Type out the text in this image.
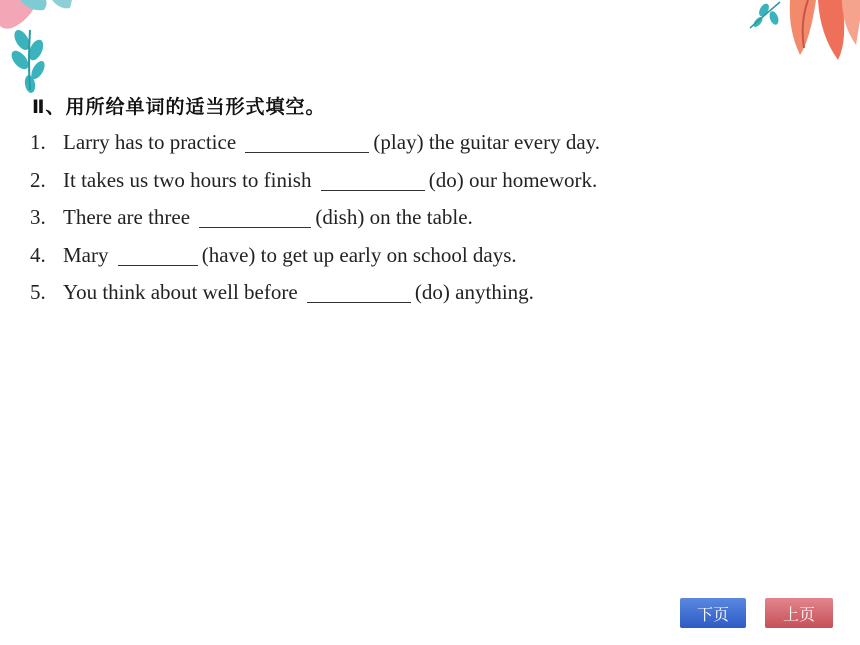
Ⅱ、用所给单词的适当形式填空。
1. Larry has to practice	(play) the guitar every day.
2. It takes us two hours to finish	(do) our homework.
3. There are three	(dish) on the table.
4. Mary	(have) to get up early on school days.
5. You think about well before	(do) anything.
下页	上页
